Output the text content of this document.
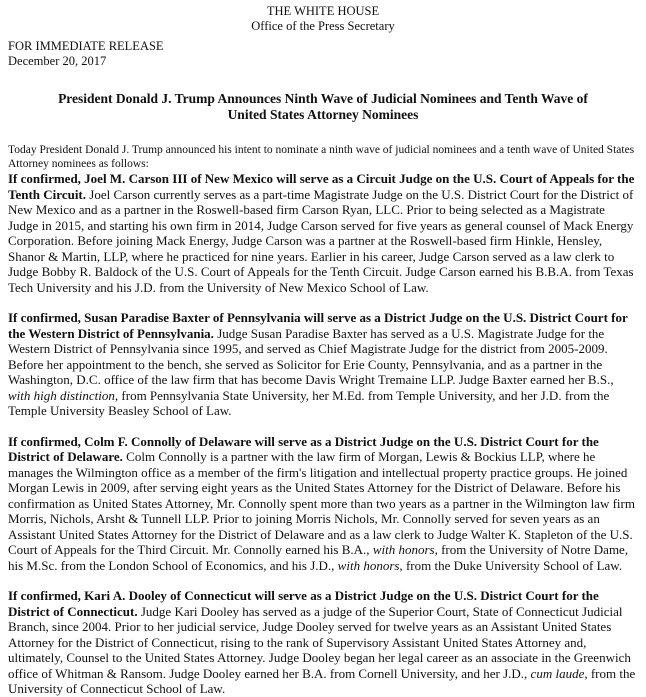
THE WHITE HOUSE
Office of the Press Secretary
FOR IMMEDIATE RELEASE
December 20, 2017
President Donald J. Trump Announces Ninth Wave of Judicial Nominees and Tenth Wave of United States Attorney Nominees
Today President Donald J. Trump announced his intent to nominate a ninth wave of judicial nominees and a tenth wave of United States Attorney nominees as follows:

If confirmed, Joel M. Carson III of New Mexico will serve as a Circuit Judge on the U.S. Court of Appeals for the Tenth Circuit. Joel Carson currently serves as a part-time Magistrate Judge on the U.S. District Court for the District of New Mexico and as a partner in the Roswell-based firm Carson Ryan, LLC. Prior to being selected as a Magistrate Judge in 2015, and starting his own firm in 2014, Judge Carson served for five years as general counsel of Mack Energy Corporation. Before joining Mack Energy, Judge Carson was a partner at the Roswell-based firm Hinkle, Hensley, Shanor & Martin, LLP, where he practiced for nine years. Earlier in his career, Judge Carson served as a law clerk to Judge Bobby R. Baldock of the U.S. Court of Appeals for the Tenth Circuit. Judge Carson earned his B.B.A. from Texas Tech University and his J.D. from the University of New Mexico School of Law.

If confirmed, Susan Paradise Baxter of Pennsylvania will serve as a District Judge on the U.S. District Court for the Western District of Pennsylvania. Judge Susan Paradise Baxter has served as a U.S. Magistrate Judge for the Western District of Pennsylvania since 1995, and served as Chief Magistrate Judge for the district from 2005-2009. Before her appointment to the bench, she served as Solicitor for Erie County, Pennsylvania, and as a partner in the Washington, D.C. office of the law firm that has become Davis Wright Tremaine LLP. Judge Baxter earned her B.S., with high distinction, from Pennsylvania State University, her M.Ed. from Temple University, and her J.D. from the Temple University Beasley School of Law.

If confirmed, Colm F. Connolly of Delaware will serve as a District Judge on the U.S. District Court for the District of Delaware. Colm Connolly is a partner with the law firm of Morgan, Lewis & Bockius LLP, where he manages the Wilmington office as a member of the firm's litigation and intellectual property practice groups. He joined Morgan Lewis in 2009, after serving eight years as the United States Attorney for the District of Delaware. Before his confirmation as United States Attorney, Mr. Connolly spent more than two years as a partner in the Wilmington law firm Morris, Nichols, Arsht & Tunnell LLP. Prior to joining Morris Nichols, Mr. Connolly served for seven years as an Assistant United States Attorney for the District of Delaware and as a law clerk to Judge Walter K. Stapleton of the U.S. Court of Appeals for the Third Circuit. Mr. Connolly earned his B.A., with honors, from the University of Notre Dame, his M.Sc. from the London School of Economics, and his J.D., with honors, from the Duke University School of Law.

If confirmed, Kari A. Dooley of Connecticut will serve as a District Judge on the U.S. District Court for the District of Connecticut. Judge Kari Dooley has served as a judge of the Superior Court, State of Connecticut Judicial Branch, since 2004. Prior to her judicial service, Judge Dooley served for twelve years as an Assistant United States Attorney for the District of Connecticut, rising to the rank of Supervisory Assistant United States Attorney and, ultimately, Counsel to the United States Attorney. Judge Dooley began her legal career as an associate in the Greenwich office of Whitman & Ransom. Judge Dooley earned her B.A. from Cornell University, and her J.D., cum laude, from the University of Connecticut School of Law.
